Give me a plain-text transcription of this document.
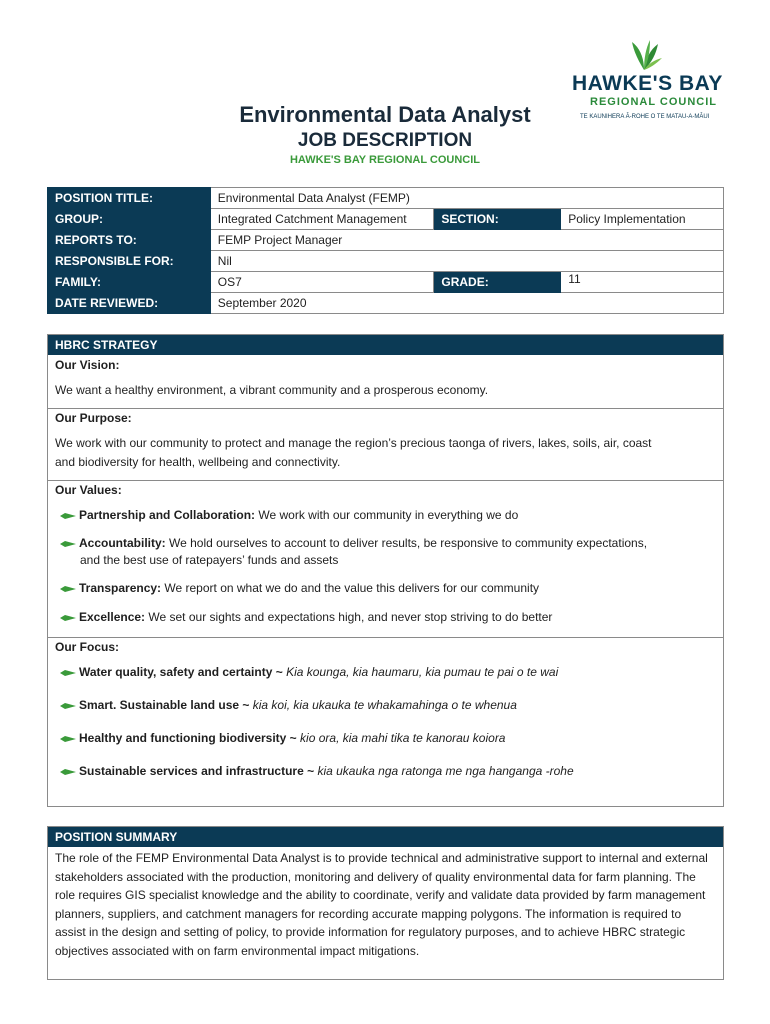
HAWKE'S BAY
REGIONAL COUNCIL
TE KAUNIHERA Ā-ROHE O TE MATAU-A-MĀUI
Environmental Data Analyst
JOB DESCRIPTION
HAWKE'S BAY REGIONAL COUNCIL
POSITION TITLE:	Environmental Data Analyst (FEMP)		
GROUP:	Integrated Catchment Management	SECTION:	Policy Implementation
REPORTS TO:	FEMP Project Manager		
RESPONSIBLE FOR:	Nil		
FAMILY:	OS7	GRADE:	11
DATE REVIEWED:	September 2020		
HBRC STRATEGY
Our Vision:
We want a healthy environment, a vibrant community and a prosperous economy.
Our Purpose:
We work with our community to protect and manage the region’s precious taonga of rivers, lakes, soils, air, coast
and biodiversity for health, wellbeing and connectivity.
Our Values:
Partnership and Collaboration: We work with our community in everything we do
Accountability: We hold ourselves to account to deliver results, be responsive to community expectations,
and the best use of ratepayers’ funds and assets
Transparency: We report on what we do and the value this delivers for our community
Excellence: We set our sights and expectations high, and never stop striving to do better
Our Focus:
Water quality, safety and certainty ~ Kia kounga, kia haumaru, kia pumau te pai o te wai
Smart. Sustainable land use ~ kia koi, kia ukauka te whakamahinga o te whenua
Healthy and functioning biodiversity ~ kio ora, kia mahi tika te kanorau koiora
Sustainable services and infrastructure ~ kia ukauka nga ratonga me nga hanganga -rohe
POSITION SUMMARY
The role of the FEMP Environmental Data Analyst is to provide technical and administrative support to internal and external stakeholders associated with the production, monitoring and delivery of quality environmental data for farm planning. The role requires GIS specialist knowledge and the ability to coordinate, verify and validate data provided by farm management planners, suppliers, and catchment managers for recording accurate mapping polygons. The information is required to assist in the design and setting of policy, to provide information for regulatory purposes, and to achieve HBRC strategic objectives associated with on farm environmental impact mitigations.
